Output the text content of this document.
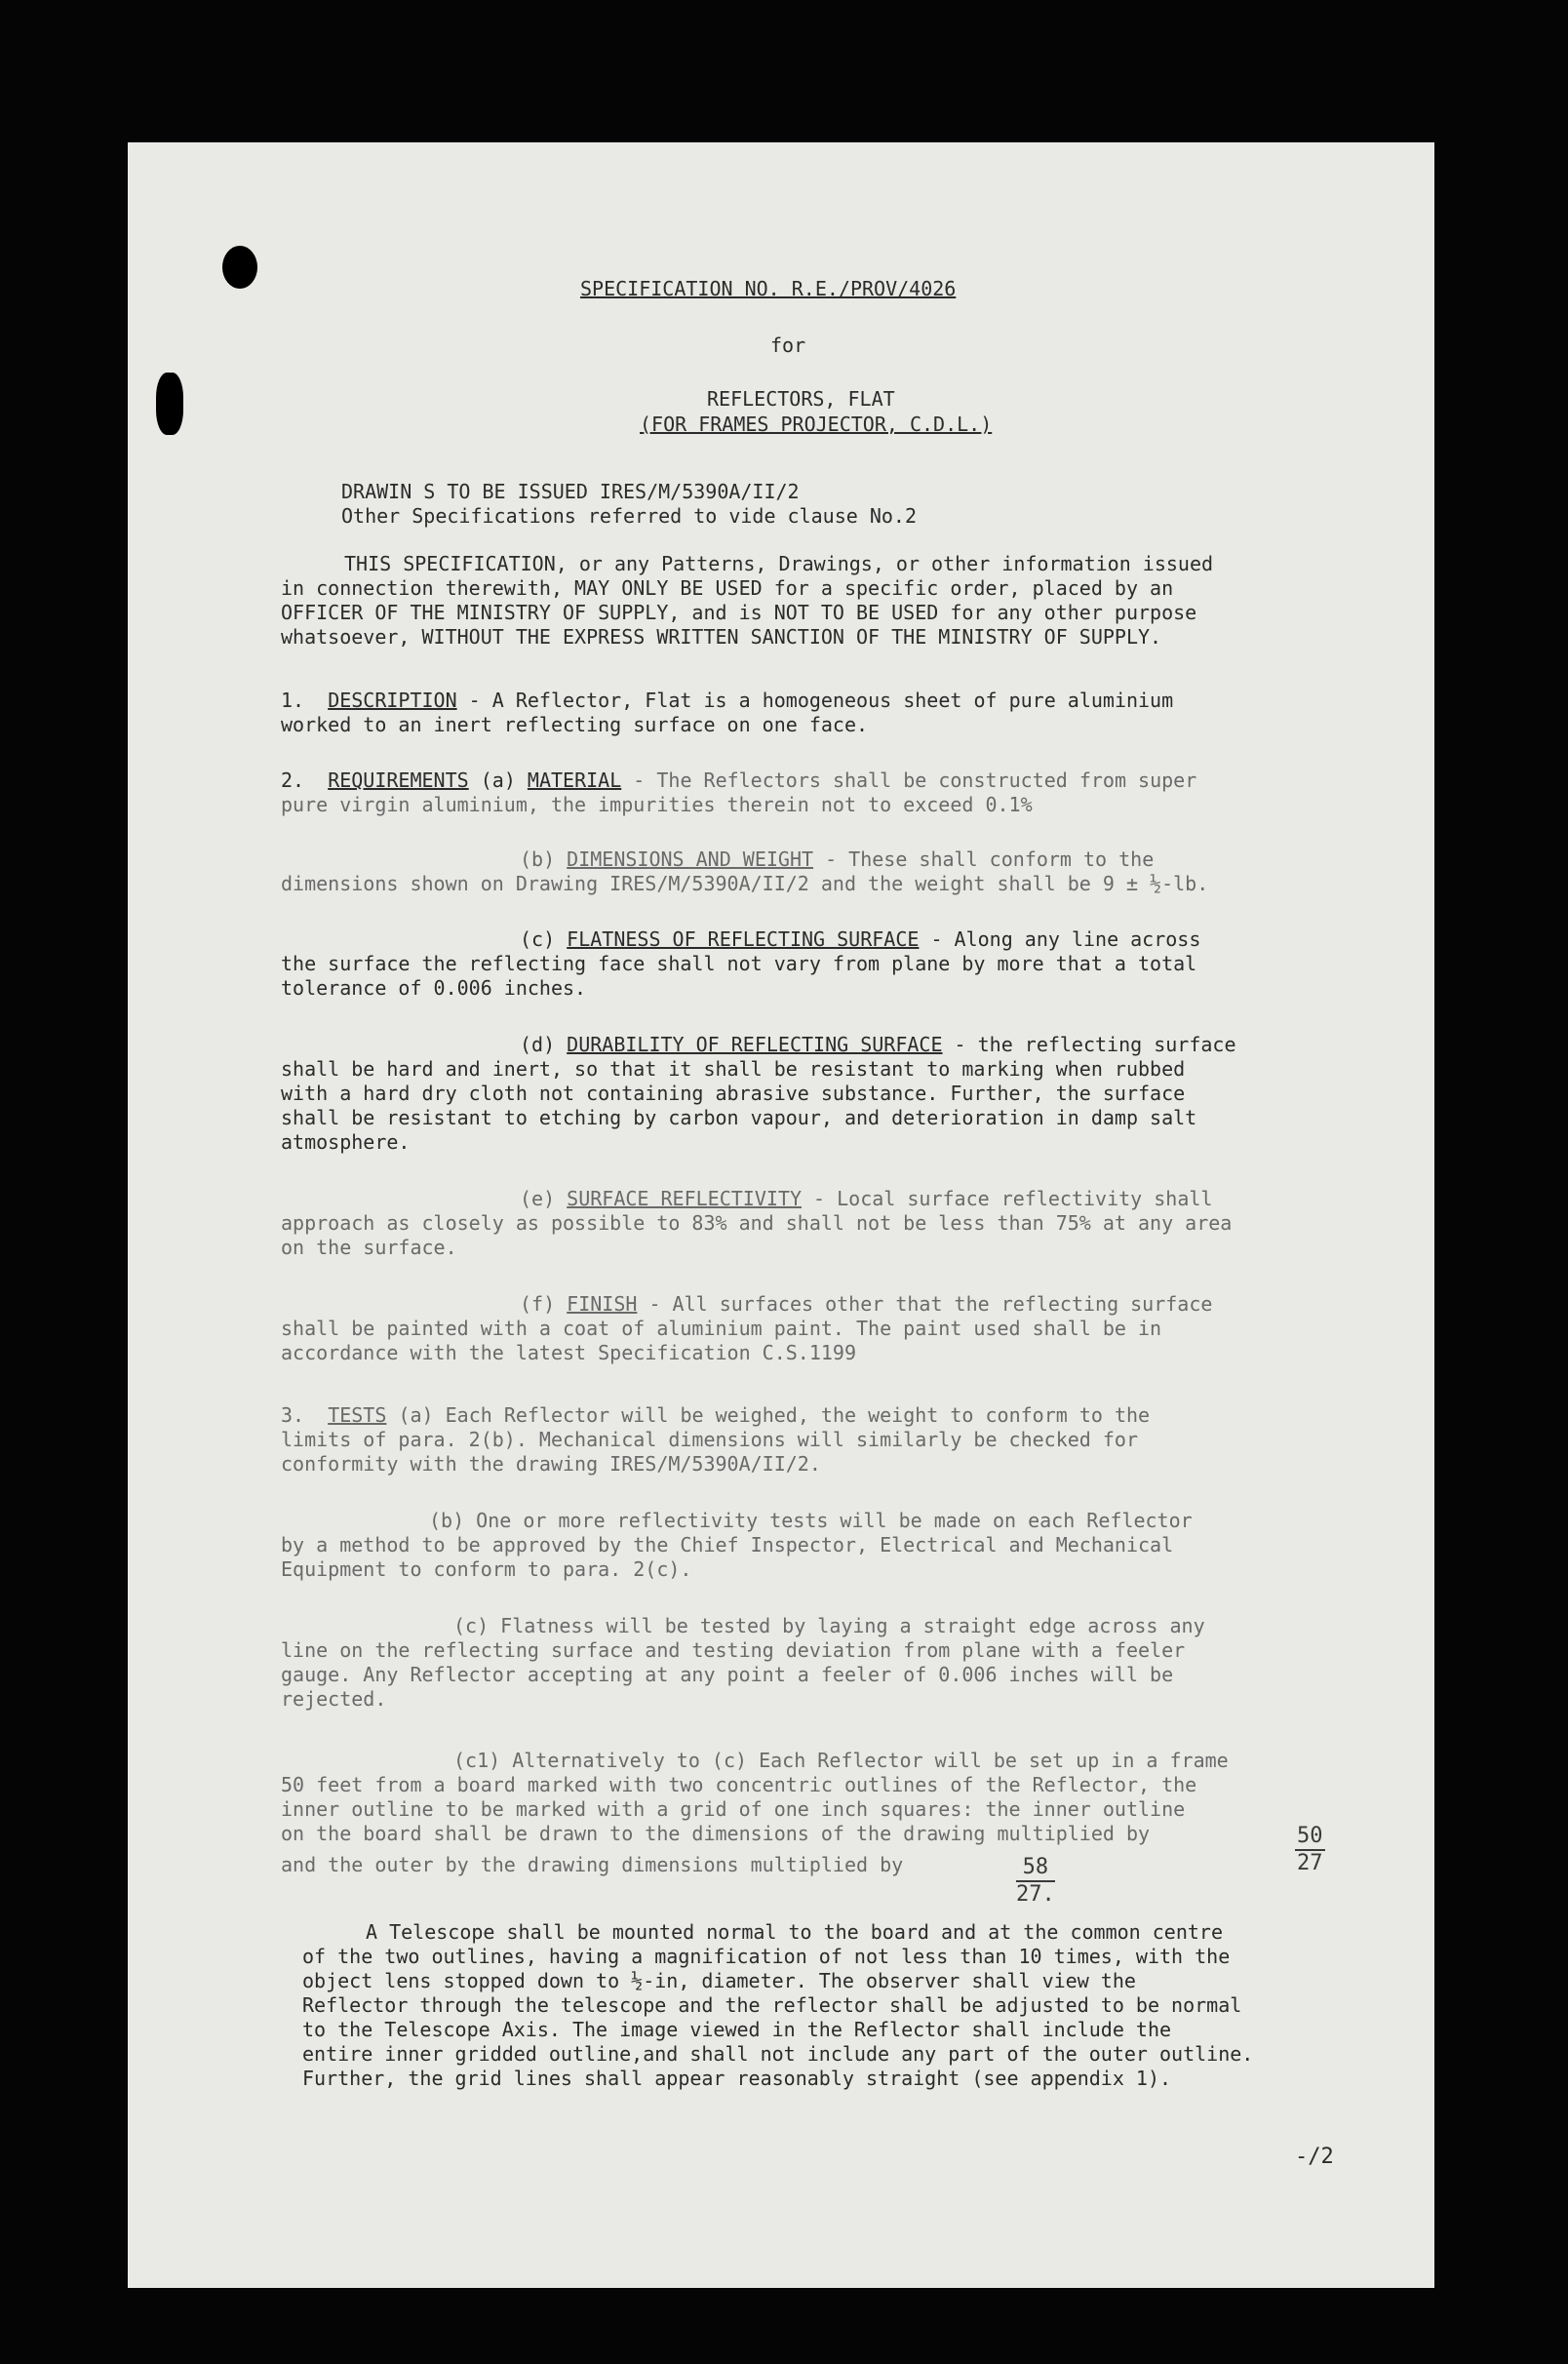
SPECIFICATION NO. R.E./PROV/4026
for
REFLECTORS, FLAT
(FOR FRAMES PROJECTOR, C.D.L.)
DRAWIN S TO BE ISSUED IRES/M/5390A/II/2
Other Specifications referred to vide clause No.2
THIS SPECIFICATION, or any Patterns, Drawings, or other information issued
in connection therewith, MAY ONLY BE USED for a specific order, placed by an
OFFICER OF THE MINISTRY OF SUPPLY, and is NOT TO BE USED for any other purpose
whatsoever, WITHOUT THE EXPRESS WRITTEN SANCTION OF THE MINISTRY OF SUPPLY.
1. DESCRIPTION - A Reflector, Flat is a homogeneous sheet of pure aluminium
worked to an inert reflecting surface on one face.
2. REQUIREMENTS (a) MATERIAL - The Reflectors shall be constructed from super
pure virgin aluminium, the impurities therein not to exceed 0.1%
(b) DIMENSIONS AND WEIGHT - These shall conform to the
dimensions shown on Drawing IRES/M/5390A/II/2 and the weight shall be 9 ± ½-lb.
(c) FLATNESS OF REFLECTING SURFACE - Along any line across
the surface the reflecting face shall not vary from plane by more that a total
tolerance of 0.006 inches.
(d) DURABILITY OF REFLECTING SURFACE - the reflecting surface
shall be hard and inert, so that it shall be resistant to marking when rubbed
with a hard dry cloth not containing abrasive substance. Further, the surface
shall be resistant to etching by carbon vapour, and deterioration in damp salt
atmosphere.
(e) SURFACE REFLECTIVITY - Local surface reflectivity shall
approach as closely as possible to 83% and shall not be less than 75% at any area
on the surface.
(f) FINISH - All surfaces other that the reflecting surface
shall be painted with a coat of aluminium paint. The paint used shall be in
accordance with the latest Specification C.S.1199
3. TESTS (a) Each Reflector will be weighed, the weight to conform to the
limits of para. 2(b). Mechanical dimensions will similarly be checked for
conformity with the drawing IRES/M/5390A/II/2.
(b) One or more reflectivity tests will be made on each Reflector
by a method to be approved by the Chief Inspector, Electrical and Mechanical
Equipment to conform to para. 2(c).
(c) Flatness will be tested by laying a straight edge across any
line on the reflecting surface and testing deviation from plane with a feeler
gauge. Any Reflector accepting at any point a feeler of 0.006 inches will be
rejected.
(c1) Alternatively to (c) Each Reflector will be set up in a frame
50 feet from a board marked with two concentric outlines of the Reflector, the
inner outline to be marked with a grid of one inch squares: the inner outline
on the board shall be drawn to the dimensions of the drawing multiplied by	$\frac{50}{27}$
and the outer by the drawing dimensions multiplied by	$\frac{58}{27.}$
A Telescope shall be mounted normal to the board and at the common centre
of the two outlines, having a magnification of not less than 10 times, with the
object lens stopped down to ½-in, diameter. The observer shall view the
Reflector through the telescope and the reflector shall be adjusted to be normal
to the Telescope Axis. The image viewed in the Reflector shall include the
entire inner gridded outline,and shall not include any part of the outer outline.
Further, the grid lines shall appear reasonably straight (see appendix 1).
-/2
